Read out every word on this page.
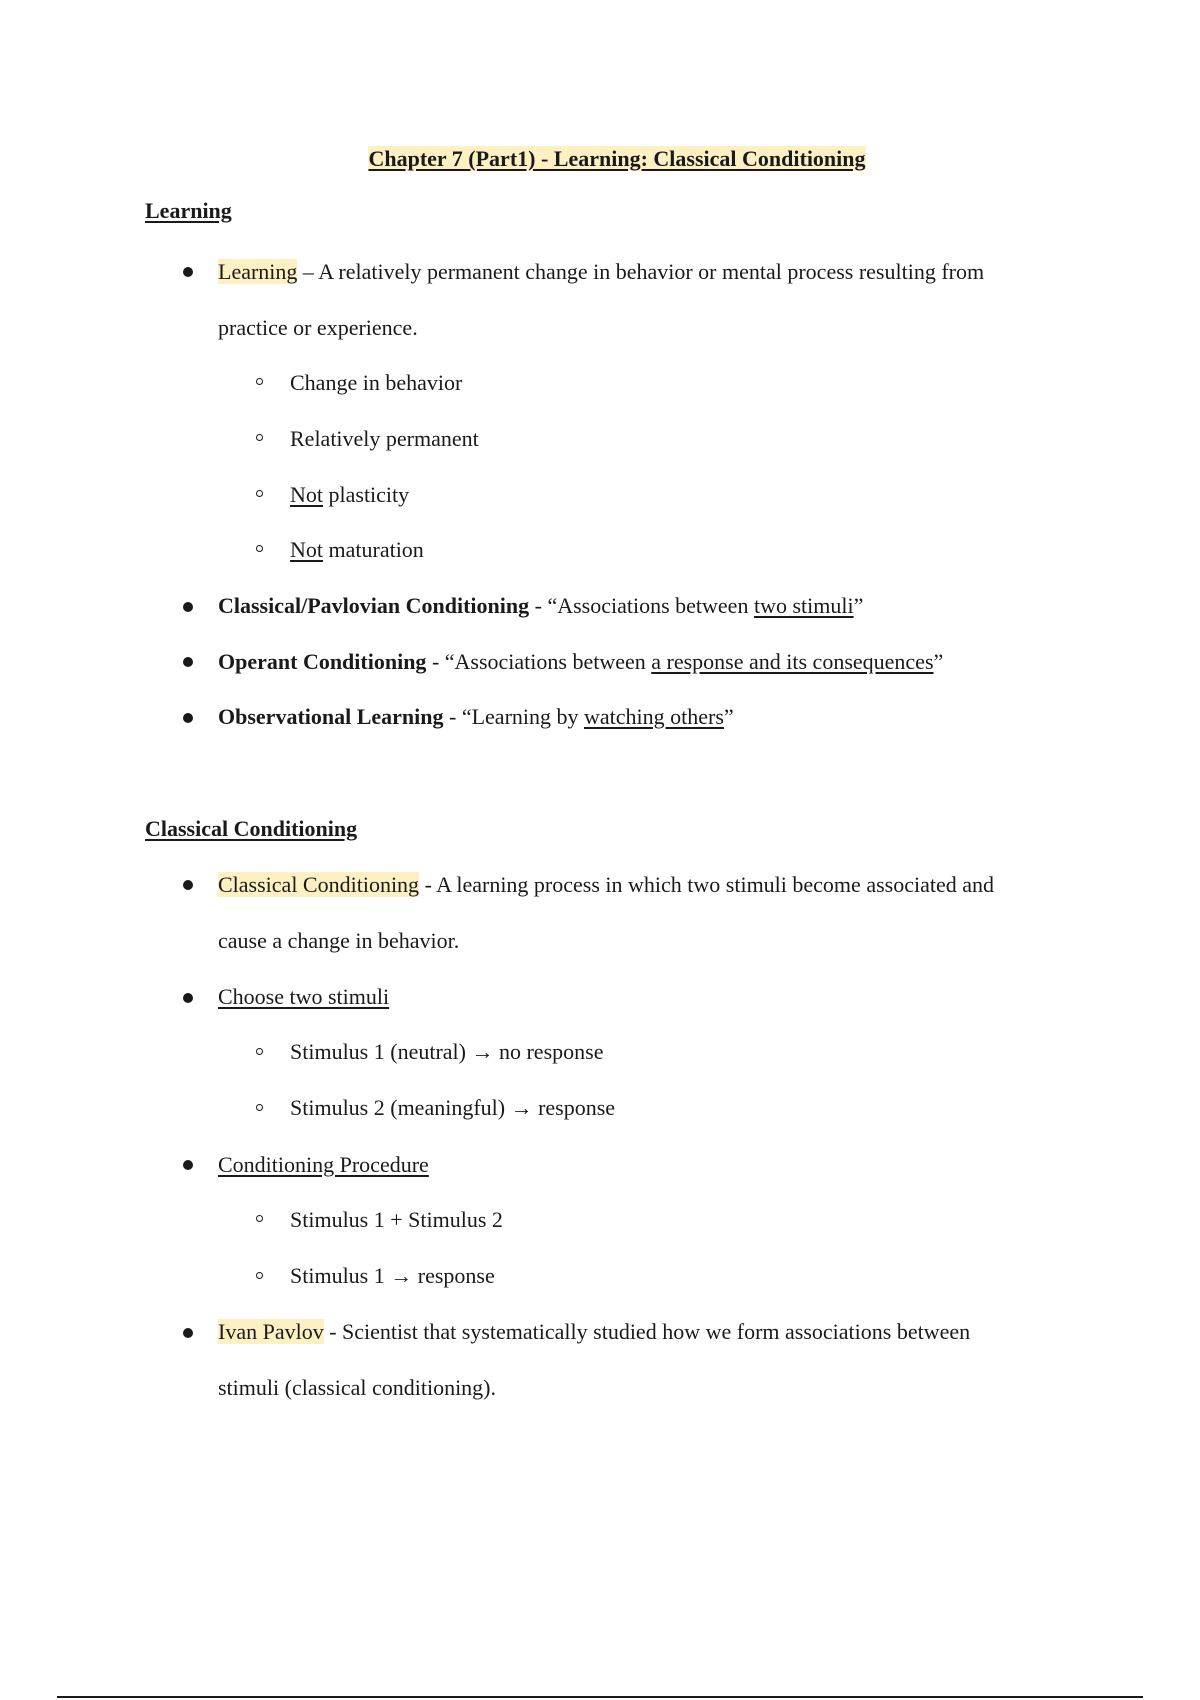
Chapter 7 (Part1) - Learning: Classical Conditioning
Learning
Learning – A relatively permanent change in behavior or mental process resulting from
practice or experience.
Change in behavior
Relatively permanent
Not plasticity
Not maturation
Classical/Pavlovian Conditioning - “Associations between two stimuli”
Operant Conditioning - “Associations between a response and its consequences”
Observational Learning - “Learning by watching others”
Classical Conditioning
Classical Conditioning - A learning process in which two stimuli become associated and
cause a change in behavior.
Choose two stimuli
Stimulus 1 (neutral) → no response
Stimulus 2 (meaningful) → response
Conditioning Procedure
Stimulus 1 + Stimulus 2
Stimulus 1 → response
Ivan Pavlov - Scientist that systematically studied how we form associations between
stimuli (classical conditioning).
